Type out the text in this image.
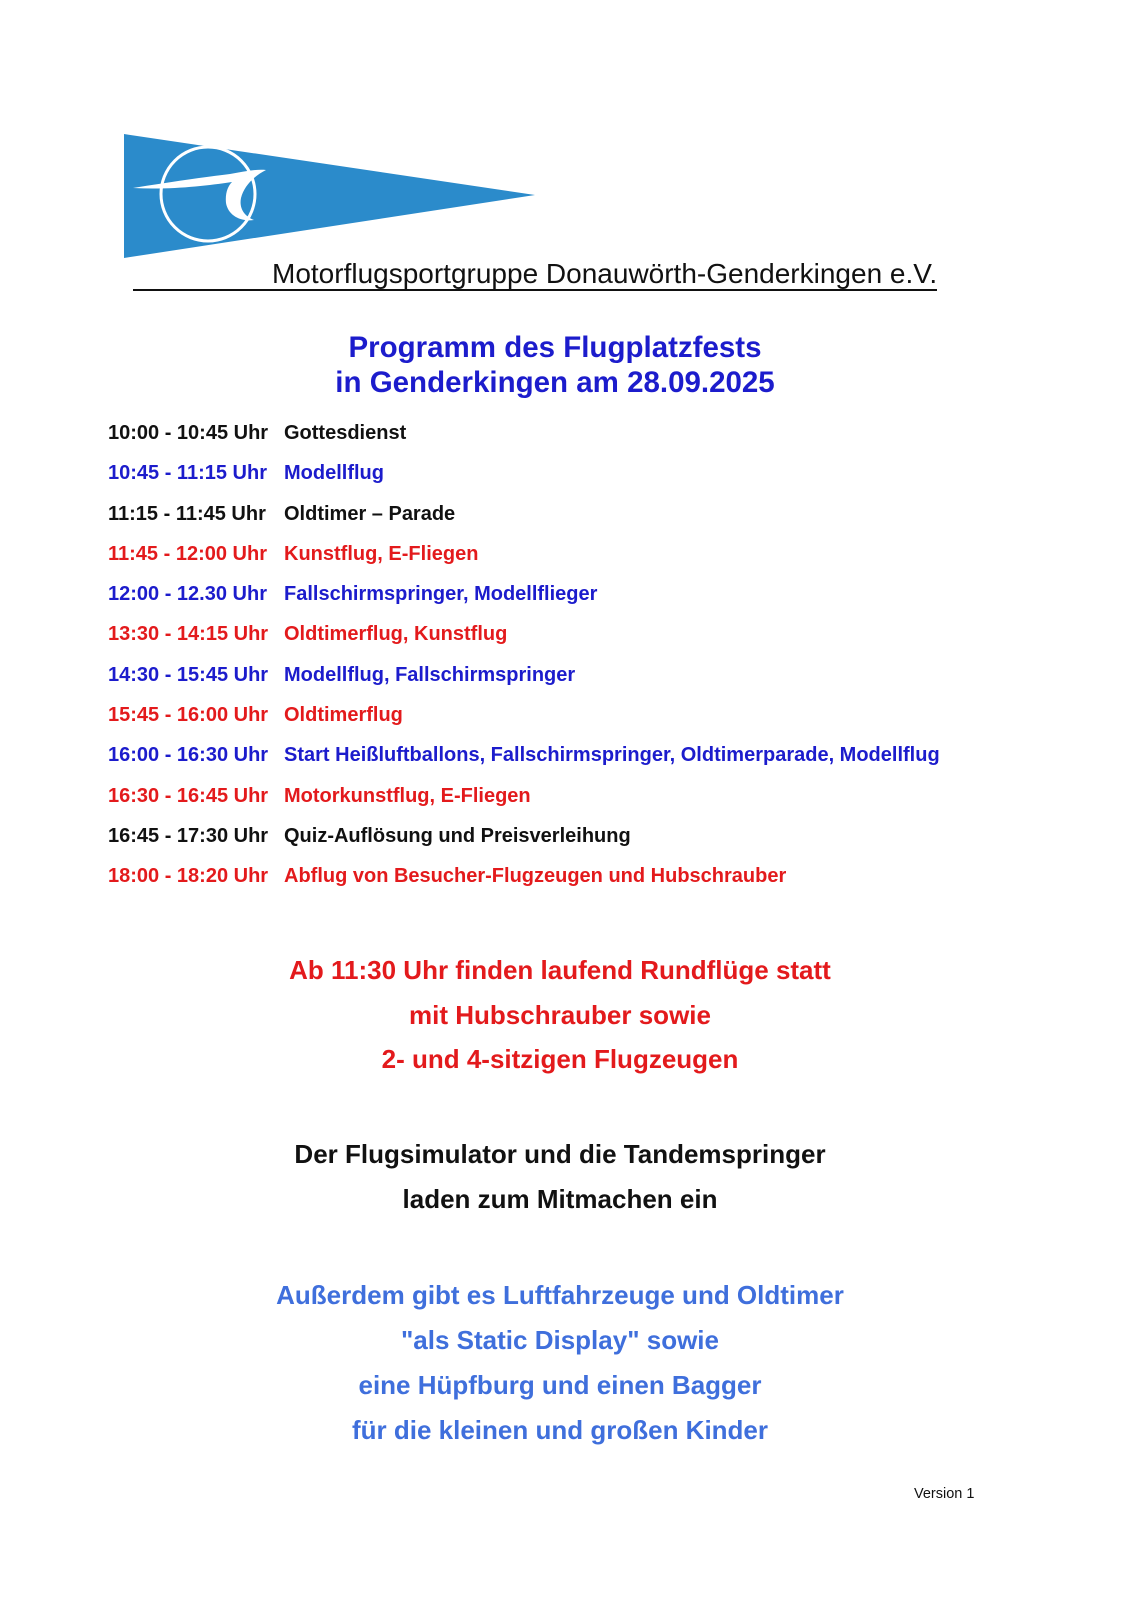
Motorflugsportgruppe Donauwörth-Genderkingen e.V.
Programm des Flugplatzfests
in Genderkingen am 28.09.2025
10:00 - 10:45 Uhr Gottesdienst
10:45 - 11:15 Uhr Modellflug
11:15 - 11:45 Uhr Oldtimer – Parade
11:45 - 12:00 Uhr Kunstflug, E-Fliegen
12:00 - 12.30 Uhr Fallschirmspringer, Modellflieger
13:30 - 14:15 Uhr Oldtimerflug, Kunstflug
14:30 - 15:45 Uhr Modellflug, Fallschirmspringer
15:45 - 16:00 Uhr Oldtimerflug
16:00 - 16:30 Uhr Start Heißluftballons, Fallschirmspringer, Oldtimerparade, Modellflug
16:30 - 16:45 Uhr Motorkunstflug, E-Fliegen
16:45 - 17:30 Uhr Quiz-Auflösung und Preisverleihung
18:00 - 18:20 Uhr Abflug von Besucher-Flugzeugen und Hubschrauber
Ab 11:30 Uhr finden laufend Rundflüge statt
mit Hubschrauber sowie
2- und 4-sitzigen Flugzeugen
Der Flugsimulator und die Tandemspringer
laden zum Mitmachen ein
Außerdem gibt es Luftfahrzeuge und Oldtimer
"als Static Display" sowie
eine Hüpfburg und einen Bagger
für die kleinen und großen Kinder
Version 1
